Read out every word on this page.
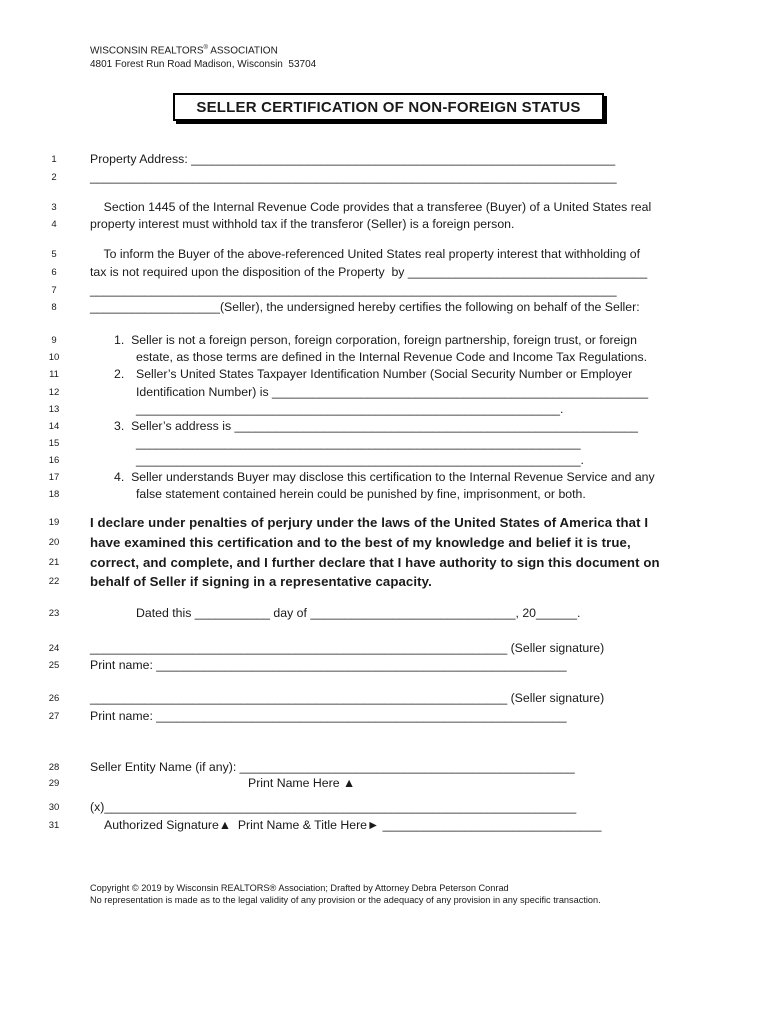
WISCONSIN REALTORS® ASSOCIATION
4801 Forest Run Road Madison, Wisconsin  53704
SELLER CERTIFICATION OF NON-FOREIGN STATUS
1	Property Address: ______________________________________________________________
2	_____________________________________________________________________________
3	Section 1445 of the Internal Revenue Code provides that a transferee (Buyer) of a United States real
4	property interest must withhold tax if the transferor (Seller) is a foreign person.
5	To inform the Buyer of the above-referenced United States real property interest that withholding of
6	tax is not required upon the disposition of the Property  by ___________________________________
7	_____________________________________________________________________________
8	___________________(Seller), the undersigned hereby certifies the following on behalf of the Seller:
9	1.  Seller is not a foreign person, foreign corporation, foreign partnership, foreign trust, or foreign
10	estate, as those terms are defined in the Internal Revenue Code and Income Tax Regulations.
11	Seller’s United States Taxpayer Identification Number (Social Security Number or Employer
12	Identification Number) is _______________________________________________________
13	______________________________________________________________.
14	3.  Seller’s address is ___________________________________________________________
15	_________________________________________________________________
16	_________________________________________________________________.
17	4.  Seller understands Buyer may disclose this certification to the Internal Revenue Service and any
18	false statement contained herein could be punished by fine, imprisonment, or both.
2.
19	I declare under penalties of perjury under the laws of the United States of America that I
20	have examined this certification and to the best of my knowledge and belief it is true,
21	correct, and complete, and I further declare that I have authority to sign this document on
22	behalf of Seller if signing in a representative capacity.
23	Dated this ___________ day of ______________________________, 20______.
24	_____________________________________________________________ (Seller signature)
25	Print name: ____________________________________________________________
26	_____________________________________________________________ (Seller signature)
27	Print name: ____________________________________________________________
28	Seller Entity Name (if any): _________________________________________________
29	Print Name Here ▲
30	(x)_____________________________________________________________________
31	Authorized Signature▲  Print Name & Title Here► ________________________________
Copyright © 2019 by Wisconsin REALTORS® Association; Drafted by Attorney Debra Peterson Conrad
No representation is made as to the legal validity of any provision or the adequacy of any provision in any specific transaction.
